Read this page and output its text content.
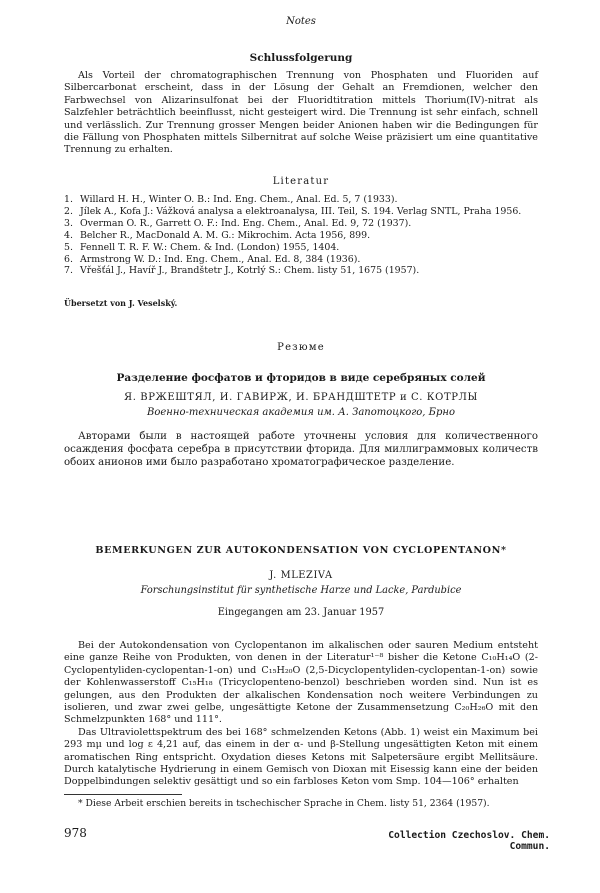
Notes
Schlussfolgerung

Als Vorteil der chromatographischen Trennung von Phosphaten und Fluoriden auf Silbercarbonat erscheint, dass in der Lösung der Gehalt an Fremdionen, welcher den Farbwechsel von Alizarinsulfonat bei der Fluoridtitration mittels Thorium(IV)-nitrat als Salzfehler beträchtlich beeinflusst, nicht gesteigert wird. Die Trennung ist sehr einfach, schnell und verlässlich. Zur Trennung grosser Mengen beider Anionen haben wir die Bedingungen für die Fällung von Phosphaten mittels Silbernitrat auf solche Weise präzisiert um eine quantitative Trennung zu erhalten.

Literatur
1. Willard H. H., Winter O. B.: Ind. Eng. Chem., Anal. Ed. 5, 7 (1933).
2. Jílek A., Kofa J.: Vážková analysa a elektroanalysa, III. Teil, S. 194. Verlag SNTL, Praha 1956.
3. Overman O. R., Garrett O. F.: Ind. Eng. Chem., Anal. Ed. 9, 72 (1937).
4. Belcher R., MacDonald A. M. G.: Mikrochim. Acta 1956, 899.
5. Fennell T. R. F. W.: Chem. & Ind. (London) 1955, 1404.
6. Armstrong W. D.: Ind. Eng. Chem., Anal. Ed. 8, 384 (1936).
7. Vřešťál J., Havíř J., Brandštetr J., Kotrlý S.: Chem. listy 51, 1675 (1957).
Übersetzt von J. Veselský.
Резюме
Разделение фосфатов и фторидов в виде серебряных солей
Я. ВРЖЕШТЯЛ, И. ГАВИРЖ, И. БРАНДШТЕТР и С. КОТРЛЫ
Военно-техническая академия им. А. Запотоцкого, Брно

Авторами были в настоящей работе уточнены условия для количественного осаждения фосфата серебра в присутствии фторида. Для миллиграммовых количеств обоих анионов ими было разработано хроматографическое разделение.

BEMERKUNGEN ZUR AUTOKONDENSATION VON CYCLOPENTANON*
J. MLEZIVA
Forschungsinstitut für synthetische Harze und Lacke, Pardubice
Eingegangen am 23. Januar 1957

Bei der Autokondensation von Cyclopentanon im alkalischen oder sauren Medium entsteht eine ganze Reihe von Produkten, von denen in der Literatur¹⁻⁸ bisher die Ketone C₁₀H₁₄O (2-Cyclopentyliden-cyclopentan-1-on) und C₁₅H₂₀O (2,5-Dicyclopentyliden-cyclopentan-1-on) sowie der Kohlenwasserstoff C₁₅H₁₈ (Tricyclopenteno-benzol) beschrieben worden sind. Nun ist es gelungen, aus den Produkten der alkalischen Kondensation noch weitere Verbindungen zu isolieren, und zwar zwei gelbe, ungesättigte Ketone der Zusammensetzung C₂₀H₂₆O mit den Schmelzpunkten 168° und 111°.

Das Ultraviolettspektrum des bei 168° schmelzenden Ketons (Abb. 1) weist ein Maximum bei 293 mμ und log ε 4,21 auf, das einem in der α- und β-Stellung ungesättigten Keton mit einem aromatischen Ring entspricht. Oxydation dieses Ketons mit Salpetersäure ergibt Mellitsäure. Durch katalytische Hydrierung in einem Gemisch von Dioxan mit Eisessig kann eine der beiden Doppelbindungen selektiv gesättigt und so ein farbloses Keton vom Smp. 104—106° erhalten

* Diese Arbeit erschien bereits in tschechischer Sprache in Chem. listy 51, 2364 (1957).

978	Collection Czechoslov. Chem. Commun.
